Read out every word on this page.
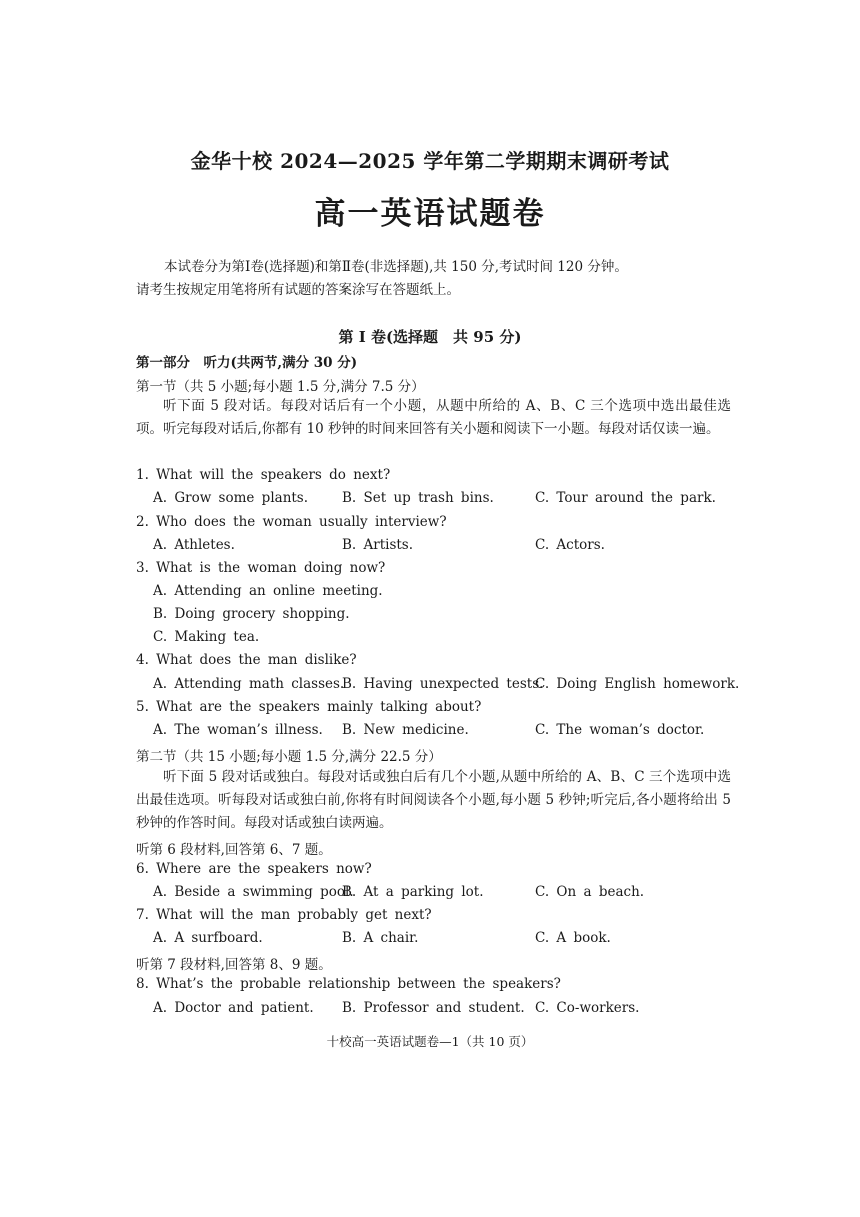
金华十校 2024—2025 学年第二学期期末调研考试
高一英语试题卷
本试卷分为第Ⅰ卷(选择题)和第Ⅱ卷(非选择题),共 150 分,考试时间 120 分钟。
请考生按规定用笔将所有试题的答案涂写在答题纸上。
第 I 卷(选择题　共 95 分)
第一部分　听力(共两节,满分 30 分)
第一节（共 5 小题;每小题 1.5 分,满分 7.5 分）
听下面 5 段对话。每段对话后有一个小题，从题中所给的 A、B、C 三个选项中选出最佳选项。听完每段对话后,你都有 10 秒钟的时间来回答有关小题和阅读下一小题。每段对话仅读一遍。
1. What will the speakers do next?
A. Grow some plants.	B. Set up trash bins.	C. Tour around the park.
2. Who does the woman usually interview?
A. Athletes.	B. Artists.	C. Actors.
3. What is the woman doing now?
A. Attending an online meeting.
B. Doing grocery shopping.
C. Making tea.
4. What does the man dislike?
A. Attending math classes.
B. Having unexpected tests.
C. Doing English homework.
5. What are the speakers mainly talking about?
A. The woman’s illness. B. New medicine.	C. The woman’s doctor.
第二节（共 15 小题;每小题 1.5 分,满分 22.5 分）
听下面 5 段对话或独白。每段对话或独白后有几个小题,从题中所给的 A、B、C 三个选项中选出最佳选项。听每段对话或独白前,你将有时间阅读各个小题,每小题 5 秒钟;听完后,各小题将给出 5 秒钟的作答时间。每段对话或独白读两遍。
听第 6 段材料,回答第 6、7 题。
6. Where are the speakers now?
A. Beside a swimming pool.
B. At a parking lot.	C. On a beach.
7. What will the man probably get next?
A. A surfboard.	B. A chair.	C. A book.
听第 7 段材料,回答第 8、9 题。
8. What’s the probable relationship between the speakers?
A. Doctor and patient. B. Professor and student. C. Co-workers.
十校高一英语试题卷—1（共 10 页）
